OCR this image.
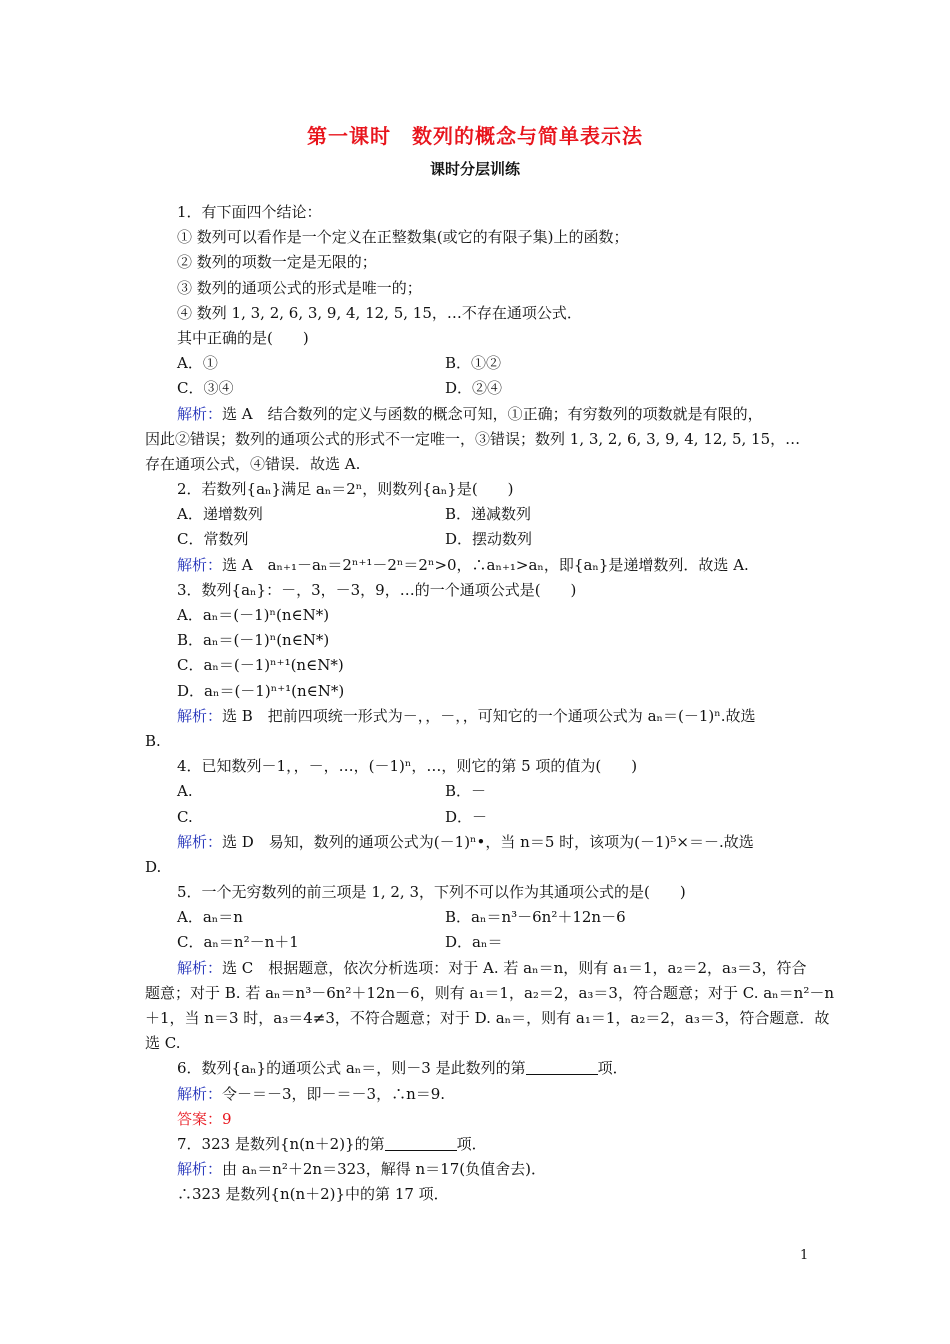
第一课时　数列的概念与简单表示法
课时分层训练
1．有下面四个结论：
① 数列可以看作是一个定义在正整数集(或它的有限子集)上的函数；
② 数列的项数一定是无限的；
③ 数列的通项公式的形式是唯一的；
④ 数列 1, 3, 2, 6, 3, 9, 4, 12, 5, 15，…不存在通项公式．
其中正确的是(　　)
A．①	B．①②
C．③④	D．②④
解析：选 A　结合数列的定义与函数的概念可知，①正确；有穷数列的项数就是有限的，
因此②错误；数列的通项公式的形式不一定唯一，③错误；数列 1, 3, 2, 6, 3, 9, 4, 12, 5, 15，…
存在通项公式，④错误．故选 A.
2．若数列{aₙ}满足 aₙ＝2ⁿ，则数列{aₙ}是(　　)
A．递增数列	B．递减数列
C．常数列	D．摆动数列
解析：选 A　aₙ₊₁－aₙ＝2ⁿ⁺¹－2ⁿ＝2ⁿ>0，∴aₙ₊₁>aₙ，即{aₙ}是递增数列．故选 A.
3．数列{aₙ}：－，3，－3，9，…的一个通项公式是(　　)
A．aₙ＝(－1)ⁿ(n∈N*)
B．aₙ＝(－1)ⁿ(n∈N*)
C．aₙ＝(－1)ⁿ⁺¹(n∈N*)
D．aₙ＝(－1)ⁿ⁺¹(n∈N*)
解析：选 B　把前四项统一形式为－，，－，，可知它的一个通项公式为 aₙ＝(－1)ⁿ.故选
B.
4．已知数列－1，，－，…，(－1)ⁿ，…，则它的第 5 项的值为(　　)
A.	B．－
C.	D．－
解析：选 D　易知，数列的通项公式为(－1)ⁿ•，当 n＝5 时，该项为(－1)⁵×＝－.故选
D.
5．一个无穷数列的前三项是 1, 2, 3，下列不可以作为其通项公式的是(　　)
A．aₙ＝n	B．aₙ＝n³－6n²＋12n－6
C．aₙ＝n²－n＋1	D．aₙ＝
解析：选 C　根据题意，依次分析选项：对于 A. 若 aₙ＝n，则有 a₁＝1，a₂＝2，a₃＝3，符合
题意；对于 B. 若 aₙ＝n³－6n²＋12n－6，则有 a₁＝1，a₂＝2，a₃＝3，符合题意；对于 C. aₙ＝n²－n
＋1，当 n＝3 时，a₃＝4≠3，不符合题意；对于 D. aₙ＝，则有 a₁＝1，a₂＝2，a₃＝3，符合题意．故
选 C.
6．数列{aₙ}的通项公式 aₙ＝，则－3 是此数列的第	项．
解析：令－＝－3，即－＝－3，∴n＝9.
答案：9
7．323 是数列{n(n＋2)}的第	项．
解析：由 aₙ＝n²＋2n＝323，解得 n＝17(负值舍去)．
∴323 是数列{n(n＋2)}中的第 17 项．
1
